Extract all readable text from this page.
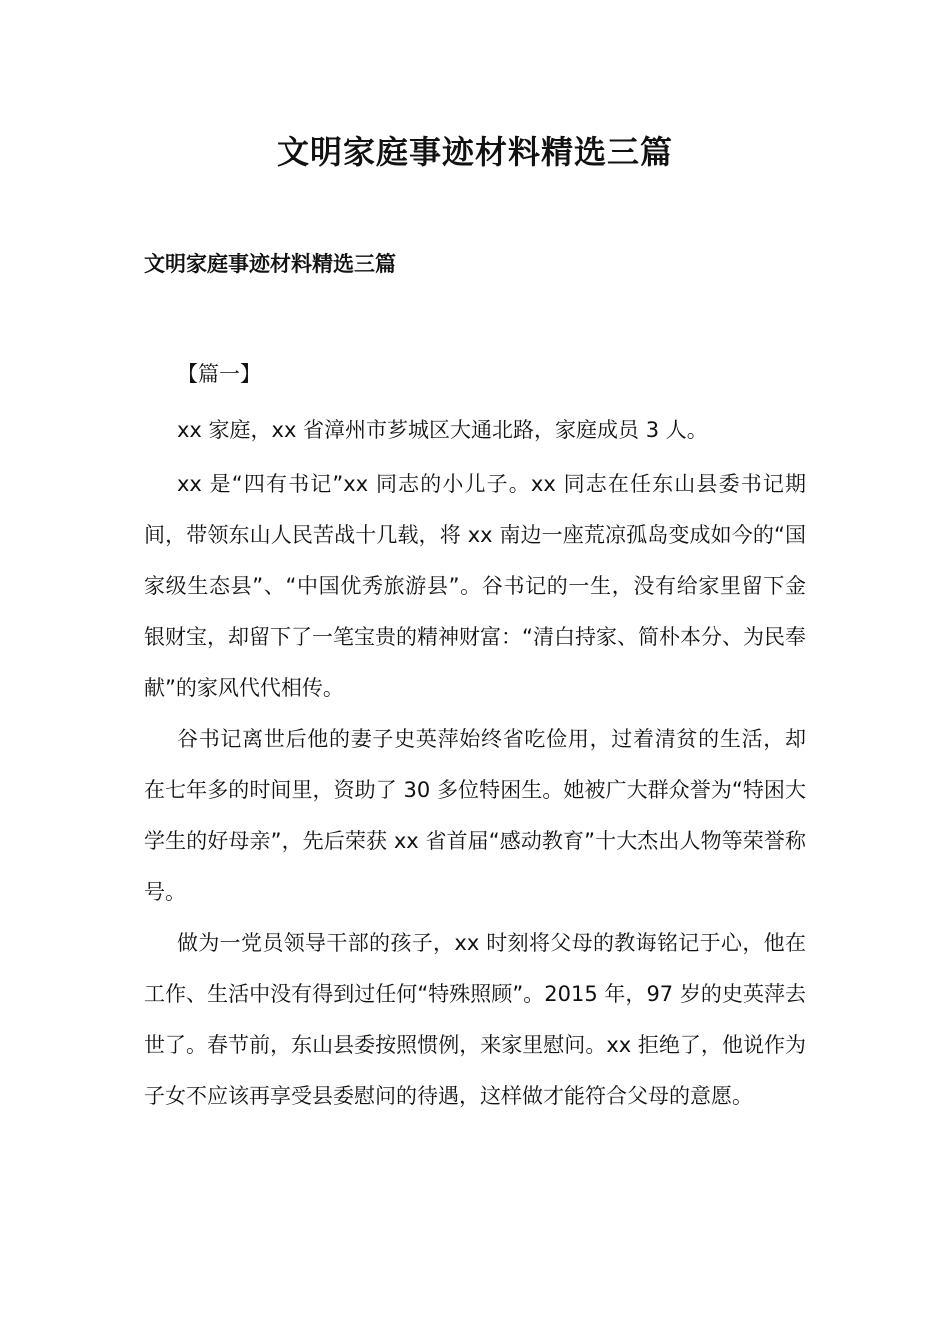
文明家庭事迹材料精选三篇
文明家庭事迹材料精选三篇

【篇一】

xx 家庭，xx 省漳州市芗城区大通北路，家庭成员 3 人。

xx 是“四有书记”xx 同志的小儿子。xx 同志在任东山县委书记期间，带领东山人民苦战十几载，将 xx 南边一座荒凉孤岛变成如今的“国家级生态县”、“中国优秀旅游县”。谷书记的一生，没有给家里留下金银财宝，却留下了一笔宝贵的精神财富：“清白持家、简朴本分、为民奉献”的家风代代相传。

谷书记离世后他的妻子史英萍始终省吃俭用，过着清贫的生活，却在七年多的时间里，资助了 30 多位特困生。她被广大群众誉为“特困大学生的好母亲”，先后荣获 xx 省首届“感动教育”十大杰出人物等荣誉称号。

做为一党员领导干部的孩子，xx 时刻将父母的教诲铭记于心，他在工作、生活中没有得到过任何“特殊照顾”。2015 年，97 岁的史英萍去世了。春节前，东山县委按照惯例，来家里慰问。xx 拒绝了，他说作为子女不应该再享受县委慰问的待遇，这样做才能符合父母的意愿。
